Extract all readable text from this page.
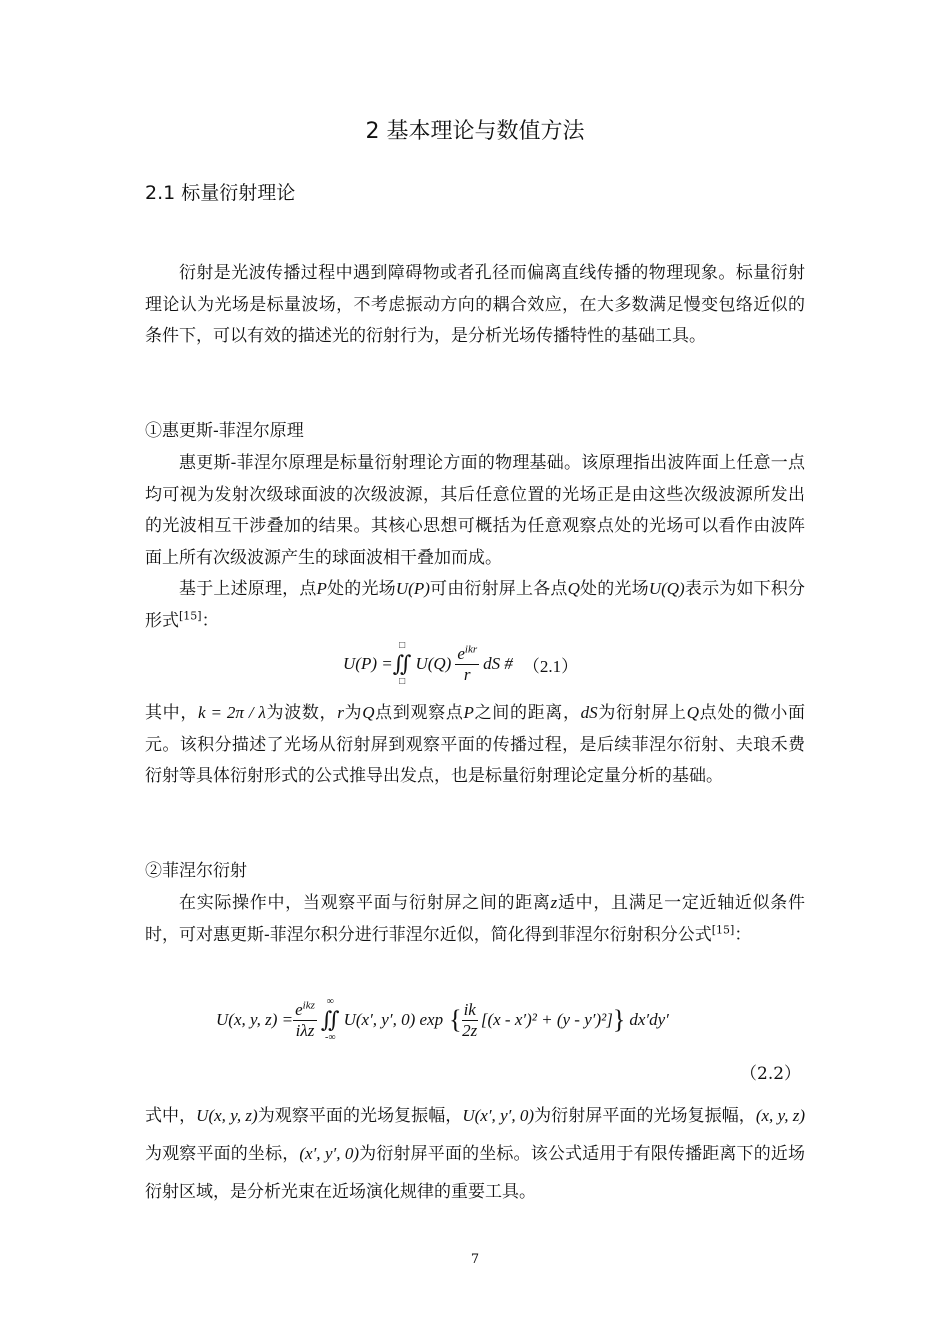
2 基本理论与数值方法
2.1 标量衍射理论

衍射是光波传播过程中遇到障碍物或者孔径而偏离直线传播的物理现象。标量衍射理论认为光场是标量波场，不考虑振动方向的耦合效应，在大多数满足慢变包络近似的条件下，可以有效的描述光的衍射行为，是分析光场传播特性的基础工具。

①惠更斯-菲涅尔原理

惠更斯-菲涅尔原理是标量衍射理论方面的物理基础。该原理指出波阵面上任意一点均可视为发射次级球面波的次级波源，其后任意位置的光场正是由这些次级波源所发出的光波相互干涉叠加的结果。其核心思想可概括为任意观察点处的光场可以看作由波阵面上所有次级波源产生的球面波相干叠加而成。

基于上述原理，点P处的光场U(P)可由衍射屏上各点Q处的光场U(Q)表示为如下积分形式[15]：

U(P) =
□
∬
□
$U(Q) \frac{e^{ikr}}{r}$ dS # （2.1）

其中，k = 2π / λ为波数，r为Q点到观察点P之间的距离，dS为衍射屏上Q点处的微小面元。该积分描述了光场从衍射屏到观察平面的传播过程，是后续菲涅尔衍射、夫琅禾费衍射等具体衍射形式的公式推导出发点，也是标量衍射理论定量分析的基础。

②菲涅尔衍射

在实际操作中，当观察平面与衍射屏之间的距离z适中，且满足一定近轴近似条件时，可对惠更斯-菲涅尔积分进行菲涅尔近似，简化得到菲涅尔衍射积分公式[15]：

U(x, y, $z) = \frac{e^{ikz}}{\text{iλz}}$ ∞
∬
-∞
U(x′, y′, 0) exp { $\frac{ik}{2z} [(x - x')^2 + (y - y')^2]$ } dx′dy′
（2.2）

式中，U(x, y, z)为观察平面的光场复振幅，U(x′, y′, 0)为衍射屏平面的光场复振幅，(x, y, z)为观察平面的坐标，(x′, y′, 0)为衍射屏平面的坐标。该公式适用于有限传播距离下的近场衍射区域，是分析光束在近场演化规律的重要工具。

7
